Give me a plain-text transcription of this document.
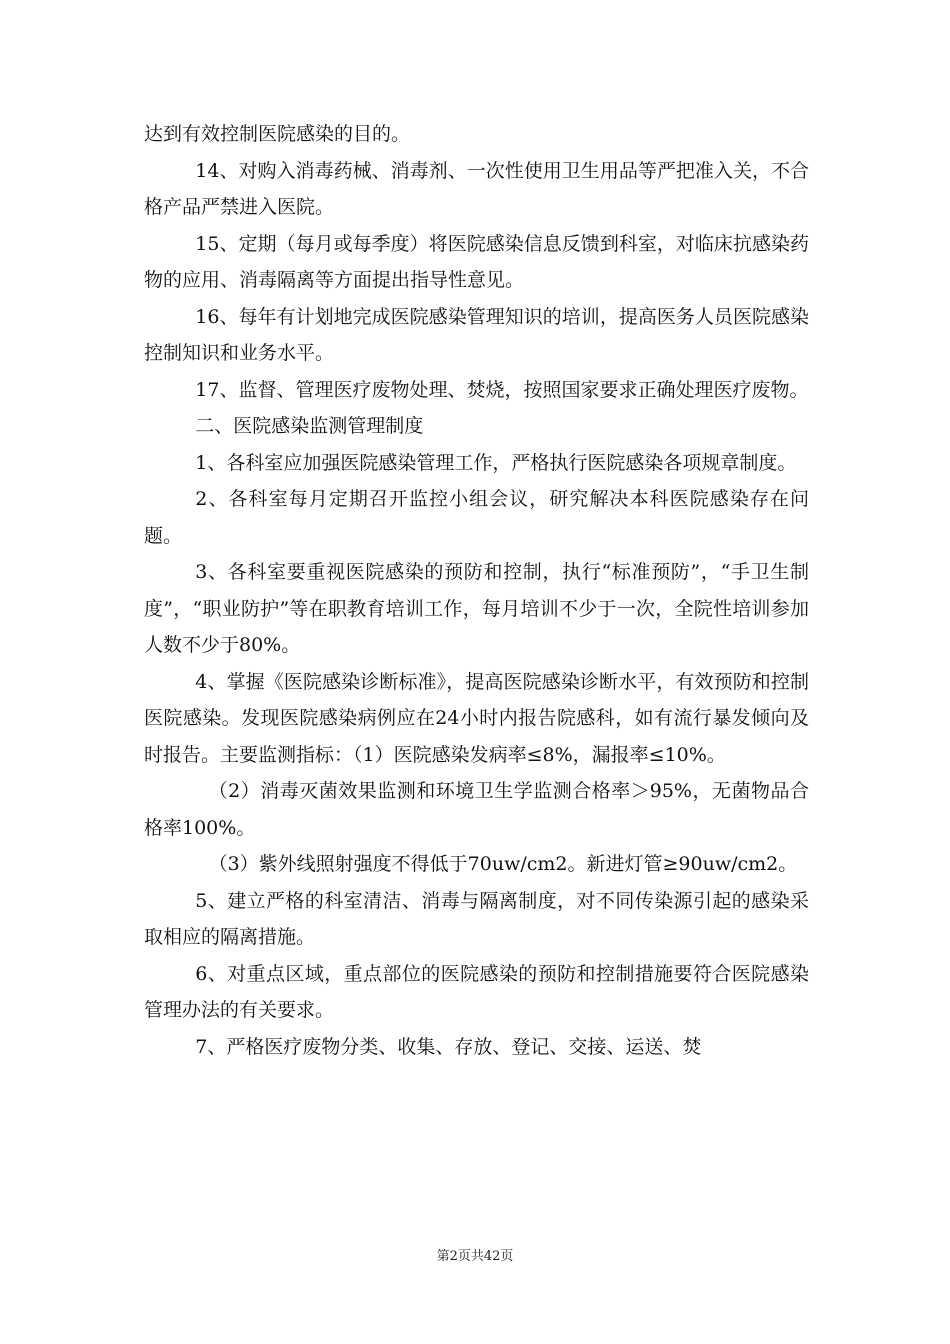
达到有效控制医院感染的目的。

14、对购入消毒药械、消毒剂、一次性使用卫生用品等严把准入关，不合格产品严禁进入医院。

15、定期（每月或每季度）将医院感染信息反馈到科室，对临床抗感染药物的应用、消毒隔离等方面提出指导性意见。

16、每年有计划地完成医院感染管理知识的培训，提高医务人员医院感染控制知识和业务水平。

17、监督、管理医疗废物处理、焚烧，按照国家要求正确处理医疗废物。

二、医院感染监测管理制度

1、各科室应加强医院感染管理工作，严格执行医院感染各项规章制度。

2、各科室每月定期召开监控小组会议，研究解决本科医院感染存在问题。

3、各科室要重视医院感染的预防和控制，执行“标准预防”，“手卫生制度”，“职业防护”等在职教育培训工作，每月培训不少于一次，全院性培训参加人数不少于80%。

4、掌握《医院感染诊断标准》，提高医院感染诊断水平，有效预防和控制医院感染。发现医院感染病例应在24小时内报告院感科，如有流行暴发倾向及时报告。主要监测指标：（1）医院感染发病率≤8%，漏报率≤10%。

（2）消毒灭菌效果监测和环境卫生学监测合格率＞95%，无菌物品合格率100%。

（3）紫外线照射强度不得低于70uw/cm2。新进灯管≥90uw/cm2。

5、建立严格的科室清洁、消毒与隔离制度，对不同传染源引起的感染采取相应的隔离措施。

6、对重点区域，重点部位的医院感染的预防和控制措施要符合医院感染管理办法的有关要求。

7、严格医疗废物分类、收集、存放、登记、交接、运送、焚

第2页共42页
